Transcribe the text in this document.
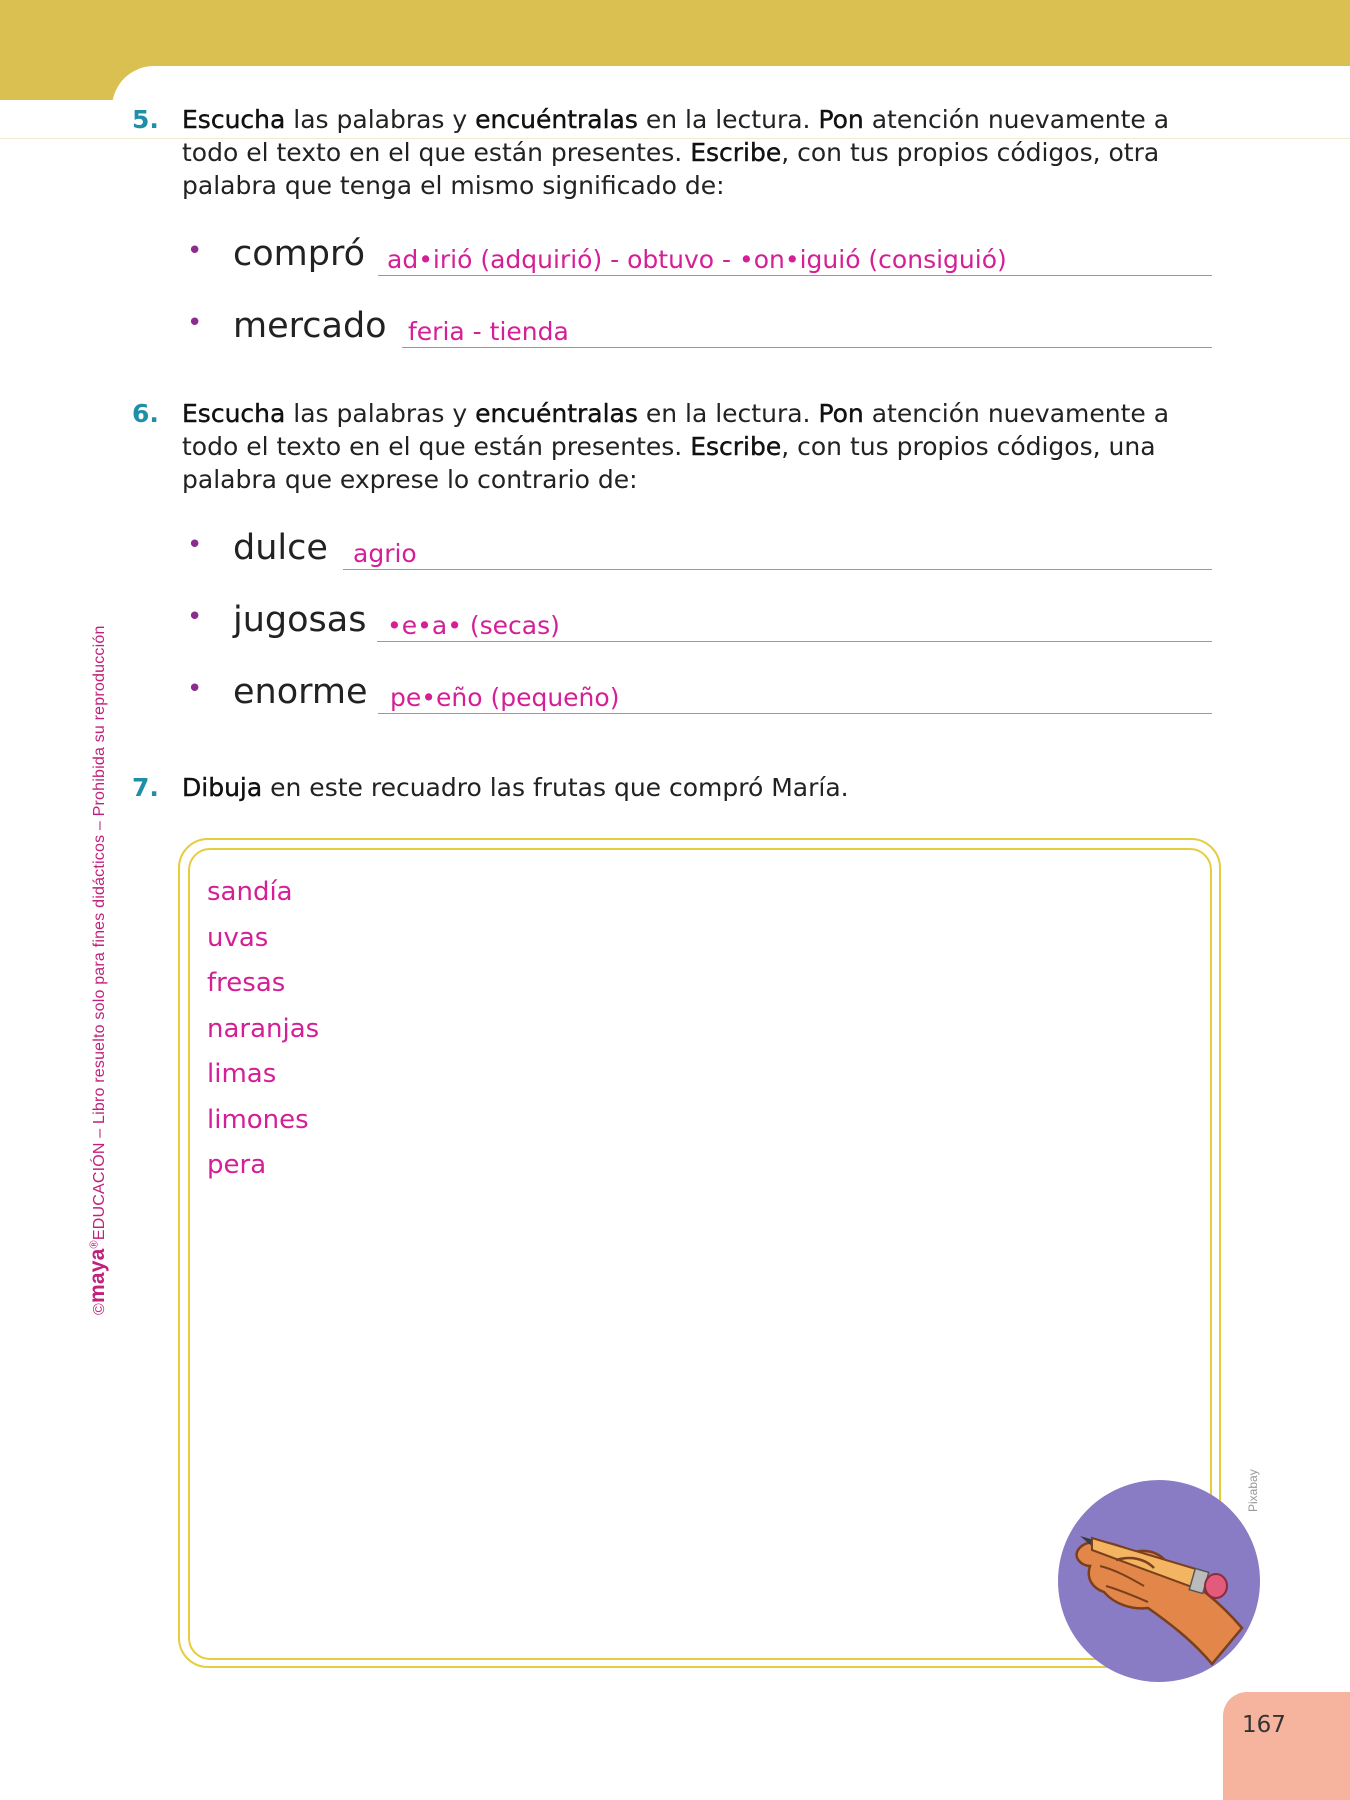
©maya®EDUCACIÓN – Libro resuelto solo para fines didácticos – Prohibida su reproducción
5. Escucha las palabras y encuéntralas en la lectura. Pon atención nuevamente a todo el texto en el que están presentes. Escribe, con tus propios códigos, otra palabra que tenga el mismo significado de:
• compró ad•irió (adquirió) - obtuvo - •on•iguió (consiguió)
• mercado feria - tienda
6. Escucha las palabras y encuéntralas en la lectura. Pon atención nuevamente a todo el texto en el que están presentes. Escribe, con tus propios códigos, una palabra que exprese lo contrario de:
• dulce agrio
• jugosas •e•a• (secas)
• enorme pe•eño (pequeño)
7. Dibuja en este recuadro las frutas que compró María.
sandía
uvas
fresas
naranjas
limas
limones
pera
Pixabay
167
